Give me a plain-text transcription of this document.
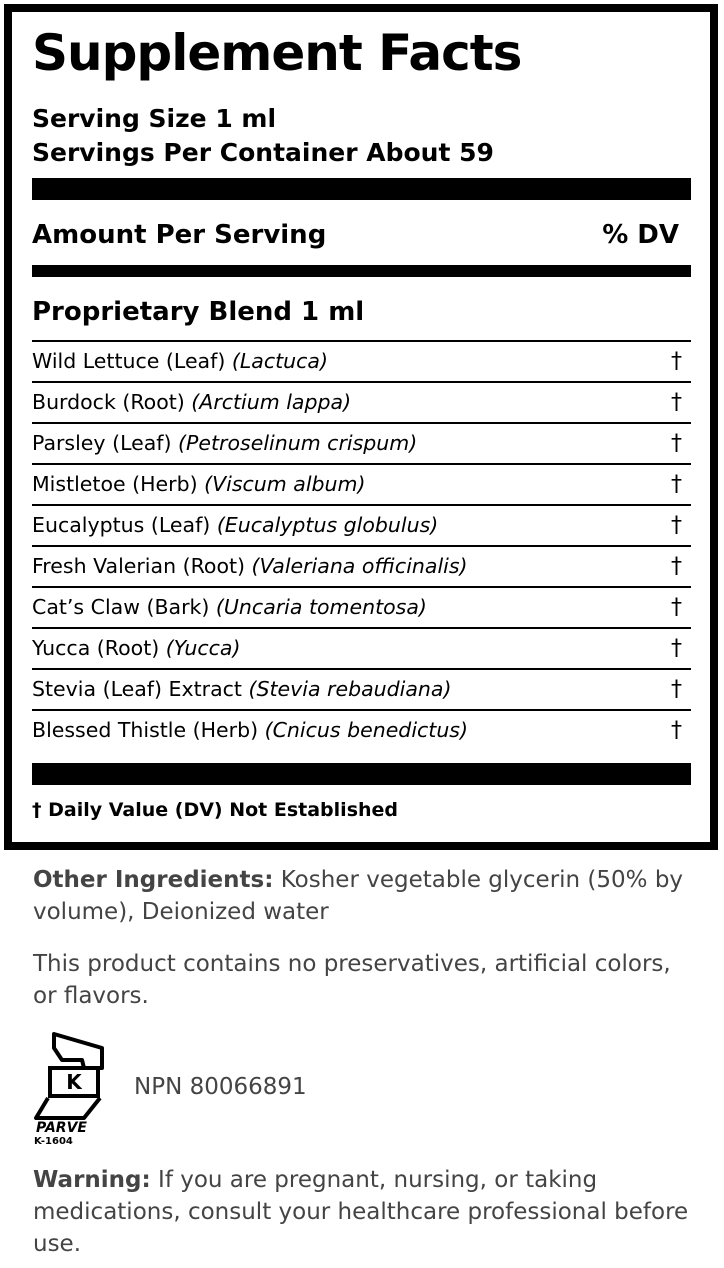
Supplement Facts
Serving Size 1 ml
Servings Per Container About 59
Amount Per Serving	% DV
Proprietary Blend 1 ml
Wild Lettuce (Leaf) (Lactuca)	†
Burdock (Root) (Arctium lappa)	†
Parsley (Leaf) (Petroselinum crispum)	†
Mistletoe (Herb) (Viscum album)	†
Eucalyptus (Leaf) (Eucalyptus globulus)	†
Fresh Valerian (Root) (Valeriana officinalis)	†
Cat’s Claw (Bark) (Uncaria tomentosa)	†
Yucca (Root) (Yucca)	†
Stevia (Leaf) Extract (Stevia rebaudiana)	†
Blessed Thistle (Herb) (Cnicus benedictus)	†
† Daily Value (DV) Not Established
Other Ingredients: Kosher vegetable glycerin (50% by volume), Deionized water
This product contains no preservatives, artificial colors, or flavors.
K
PARVE
K-1604
NPN 80066891
Warning: If you are pregnant, nursing, or taking medications, consult your healthcare professional before use.
